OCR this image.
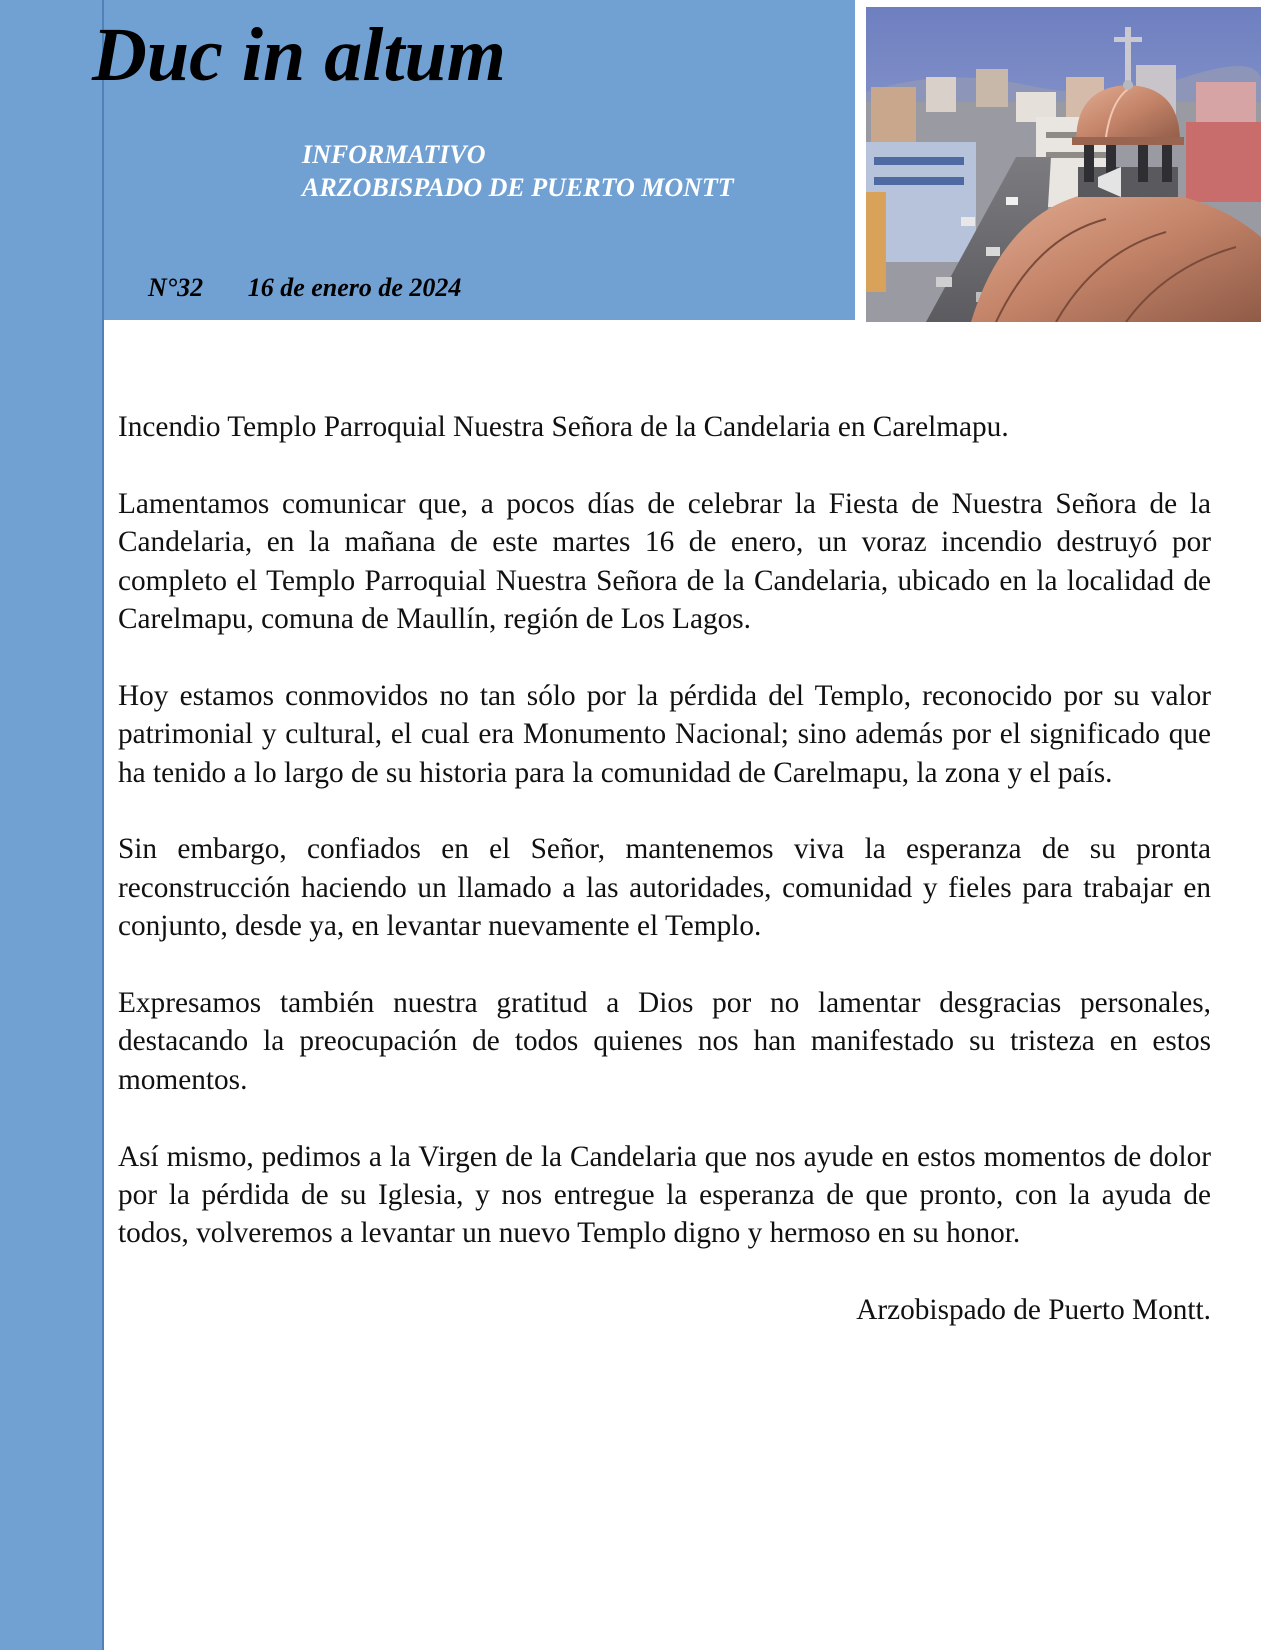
Duc in altum
INFORMATIVO
ARZOBISPADO DE PUERTO MONTT
N°32 16 de enero de 2024

Incendio Templo Parroquial Nuestra Señora de la Candelaria en Carelmapu.

Lamentamos comunicar que, a pocos días de celebrar la Fiesta de Nuestra Señora de la Candelaria, en la mañana de este martes 16 de enero, un voraz incendio destruyó por completo el Templo Parroquial Nuestra Señora de la Candelaria, ubicado en la localidad de Carelmapu, comuna de Maullín, región de Los Lagos.

Hoy estamos conmovidos no tan sólo por la pérdida del Templo, reconocido por su valor patrimonial y cultural, el cual era Monumento Nacional; sino además por el significado que ha tenido a lo largo de su historia para la comunidad de Carelmapu, la zona y el país.

Sin embargo, confiados en el Señor, mantenemos viva la esperanza de su pronta reconstrucción haciendo un llamado a las autoridades, comunidad y fieles para trabajar en conjunto, desde ya, en levantar nuevamente el Templo.

Expresamos también nuestra gratitud a Dios por no lamentar desgracias personales, destacando la preocupación de todos quienes nos han manifestado su tristeza en estos momentos.

Así mismo, pedimos a la Virgen de la Candelaria que nos ayude en estos momentos de dolor por la pérdida de su Iglesia, y nos entregue la esperanza de que pronto, con la ayuda de todos, volveremos a levantar un nuevo Templo digno y hermoso en su honor.

Arzobispado de Puerto Montt.
